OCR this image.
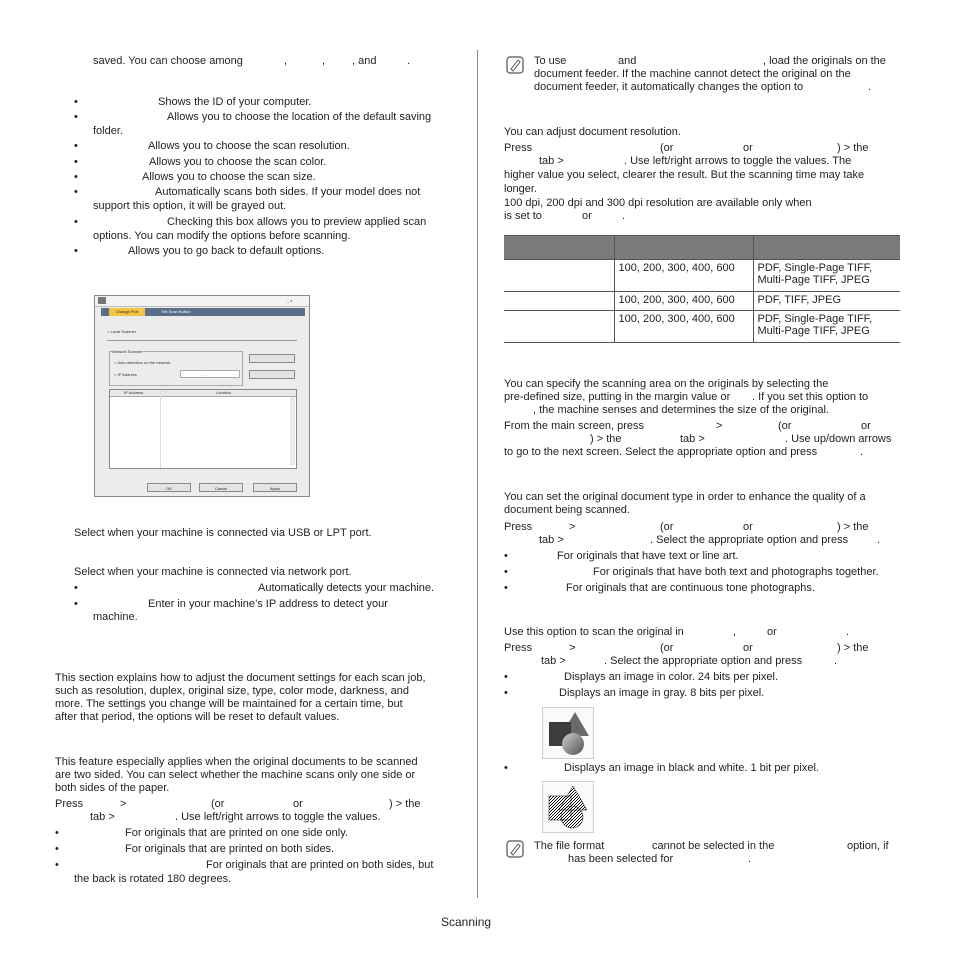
saved. You can choose among	,	, , and	.
•	Shows the ID of your computer.
•	Allows you to choose the location of the default saving
folder.
•	Allows you to choose the scan resolution.
•	Allows you to choose the scan color.
•	Allows you to choose the scan size.
•	Automatically scans both sides. If your model does not
support this option, it will be grayed out.
•	Checking this box allows you to preview applied scan
options. You can modify the options before scanning.
•	Allows you to go back to default options.
_ x
Change Port	Set Scan Button
○ Local Scanner
Network Scanner
○ Auto detection on the network
○ IP Address	. . .
IP Address	Location
OK	Cancel	Apply
Select when your machine is connected via USB or LPT port.
Select when your machine is connected via network port.
•	Automatically detects your machine.
•	Enter in your machine’s IP address to detect your
machine.
This section explains how to adjust the document settings for each scan job,
such as resolution, duplex, original size, type, color mode, darkness, and
more. The settings you change will be maintained for a certain time, but
after that period, the options will be reset to default values.
This feature especially applies when the original documents to be scanned
are two sided. You can select whether the machine scans only one side or
both sides of the paper.
Press	>	(or	or	) > the
tab >	. Use left/right arrows to toggle the values.
•	For originals that are printed on one side only.
•	For originals that are printed on both sides.
•	For originals that are printed on both sides, but
the back is rotated 180 degrees.
To use	and	, load the originals on the
document feeder. If the machine cannot detect the original on the
document feeder, it automatically changes the option to	.
You can adjust document resolution.
Press	(or	or	) > the
tab >	. Use left/right arrows to toggle the values. The
higher value you select, clearer the result. But the scanning time may take
longer.
100 dpi, 200 dpi and 300 dpi resolution are available only when
is set to	or	.

	100, 200, 300, 400, 600	PDF, Single-Page TIFF,
Multi-Page TIFF, JPEG
	100, 200, 300, 400, 600	PDF, TIFF, JPEG
	100, 200, 300, 400, 600	PDF, Single-Page TIFF,
Multi-Page TIFF, JPEG
You can specify the scanning area on the originals by selecting the
pre-defined size, putting in the margin value or . If you set this option to
, the machine senses and determines the size of the original.
From the main screen, press	>	(or	or
) > the	tab >	. Use up/down arrows
to go to the next screen. Select the appropriate option and press	.
You can set the original document type in order to enhance the quality of a
document being scanned.
Press	>	(or	or	) > the
tab >	. Select the appropriate option and press	.
•	For originals that have text or line art.
•	For originals that have both text and photographs together.
•	For originals that are continuous tone photographs.
Use this option to scan the original in	,	or	.
Press	>	(or	or	) > the
tab >	. Select the appropriate option and press	.
•	Displays an image in color. 24 bits per pixel.
•	Displays an image in gray. 8 bits per pixel.
•	Displays an image in black and white. 1 bit per pixel.
The file format	cannot be selected in the	option, if
has been selected for	.
Scanning
